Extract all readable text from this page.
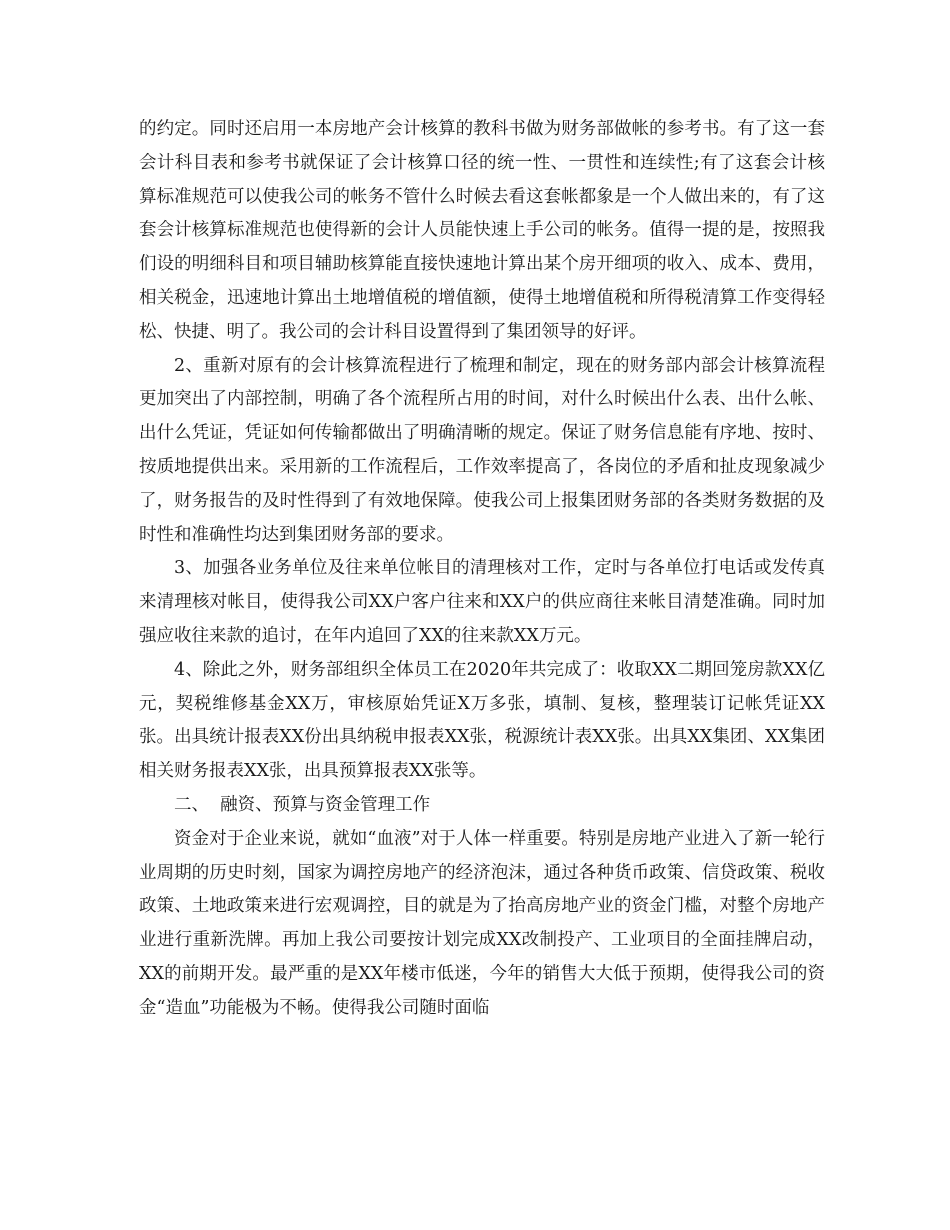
的约定。同时还启用一本房地产会计核算的教科书做为财务部做帐的参考书。有了这一套会计科目表和参考书就保证了会计核算口径的统一性、一贯性和连续性;有了这套会计核算标准规范可以使我公司的帐务不管什么时候去看这套帐都象是一个人做出来的，有了这套会计核算标准规范也使得新的会计人员能快速上手公司的帐务。值得一提的是，按照我们设的明细科目和项目辅助核算能直接快速地计算出某个房开细项的收入、成本、费用，相关税金，迅速地计算出土地增值税的增值额，使得土地增值税和所得税清算工作变得轻松、快捷、明了。我公司的会计科目设置得到了集团领导的好评。

2、重新对原有的会计核算流程进行了梳理和制定，现在的财务部内部会计核算流程更加突出了内部控制，明确了各个流程所占用的时间，对什么时候出什么表、出什么帐、出什么凭证，凭证如何传输都做出了明确清晰的规定。保证了财务信息能有序地、按时、按质地提供出来。采用新的工作流程后，工作效率提高了，各岗位的矛盾和扯皮现象减少了，财务报告的及时性得到了有效地保障。使我公司上报集团财务部的各类财务数据的及时性和准确性均达到集团财务部的要求。

3、加强各业务单位及往来单位帐目的清理核对工作，定时与各单位打电话或发传真来清理核对帐目，使得我公司XX户客户往来和XX户的供应商往来帐目清楚准确。同时加强应收往来款的追讨，在年内追回了XX的往来款XX万元。

4、除此之外，财务部组织全体员工在2020年共完成了：收取XX二期回笼房款XX亿元，契税维修基金XX万，审核原始凭证X万多张，填制、复核，整理装订记帐凭证XX张。出具统计报表XX份出具纳税申报表XX张，税源统计表XX张。出具XX集团、XX集团相关财务报表XX张，出具预算报表XX张等。

二、  融资、预算与资金管理工作

资金对于企业来说，就如“血液”对于人体一样重要。特别是房地产业进入了新一轮行业周期的历史时刻，国家为调控房地产的经济泡沫，通过各种货币政策、信贷政策、税收政策、土地政策来进行宏观调控，目的就是为了抬高房地产业的资金门槛，对整个房地产业进行重新洗牌。再加上我公司要按计划完成XX改制投产、工业项目的全面挂牌启动，XX的前期开发。最严重的是XX年楼市低迷，今年的销售大大低于预期，使得我公司的资金“造血”功能极为不畅。使得我公司随时面临
